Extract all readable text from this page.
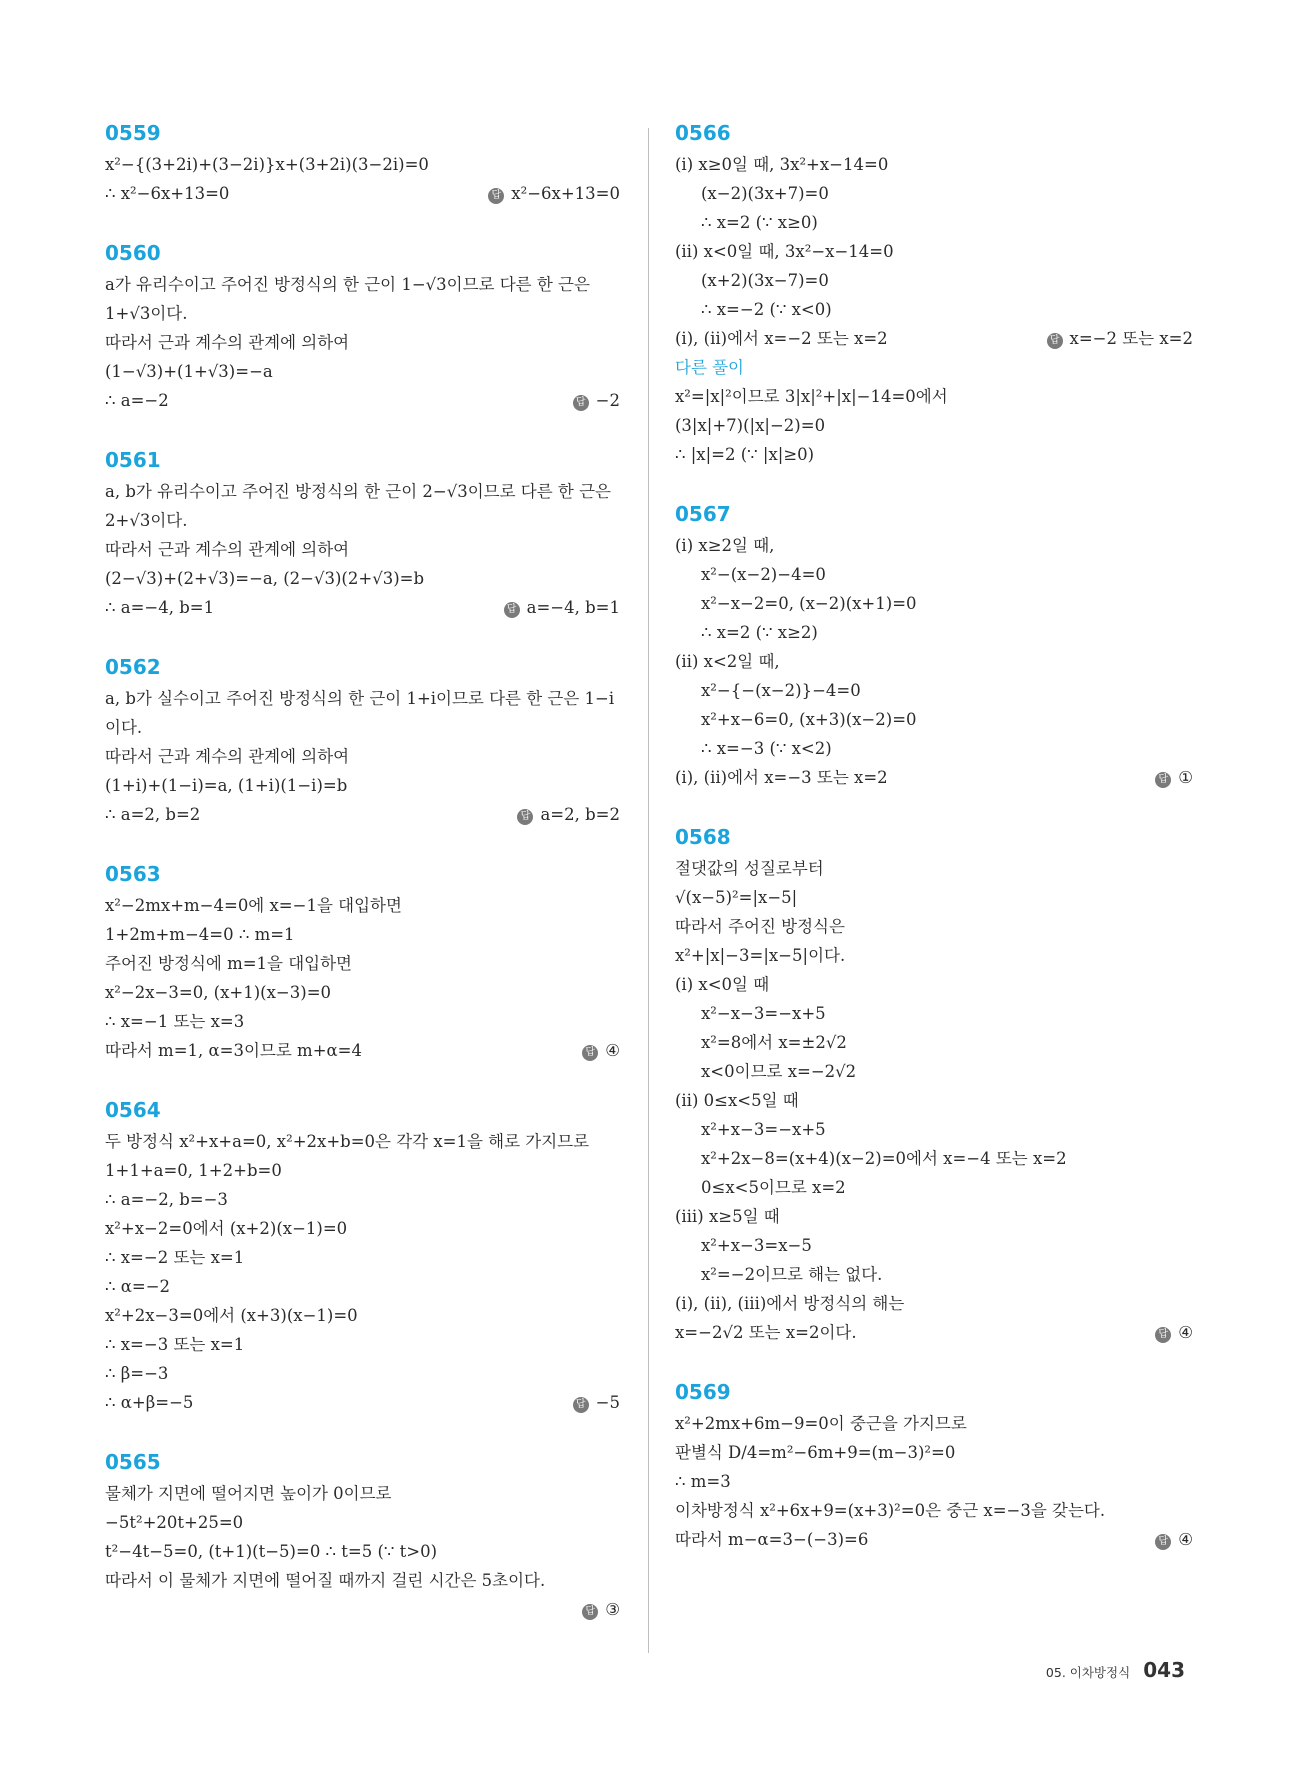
0559
x²−{(3+2i)+(3−2i)}x+(3+2i)(3−2i)=0
∴ x²−6x+13=0	답 x²−6x+13=0
0560
a가 유리수이고 주어진 방정식의 한 근이 1−√3이므로 다른 한 근은
1+√3이다.
따라서 근과 계수의 관계에 의하여
(1−√3)+(1+√3)=−a
∴ a=−2	답 −2
0561
a, b가 유리수이고 주어진 방정식의 한 근이 2−√3이므로 다른 한 근은
2+√3이다.
따라서 근과 계수의 관계에 의하여
(2−√3)+(2+√3)=−a, (2−√3)(2+√3)=b
∴ a=−4, b=1	답 a=−4, b=1
0562
a, b가 실수이고 주어진 방정식의 한 근이 1+i이므로 다른 한 근은 1−i
이다.
따라서 근과 계수의 관계에 의하여
(1+i)+(1−i)=a, (1+i)(1−i)=b
∴ a=2, b=2	답 a=2, b=2
0563
x²−2mx+m−4=0에 x=−1을 대입하면
1+2m+m−4=0 ∴ m=1
주어진 방정식에 m=1을 대입하면
x²−2x−3=0, (x+1)(x−3)=0
∴ x=−1 또는 x=3
따라서 m=1, α=3이므로 m+α=4	답 ④
0564
두 방정식 x²+x+a=0, x²+2x+b=0은 각각 x=1을 해로 가지므로
1+1+a=0, 1+2+b=0
∴ a=−2, b=−3
x²+x−2=0에서 (x+2)(x−1)=0
∴ x=−2 또는 x=1
∴ α=−2
x²+2x−3=0에서 (x+3)(x−1)=0
∴ x=−3 또는 x=1
∴ β=−3
∴ α+β=−5	답 −5
0565
물체가 지면에 떨어지면 높이가 0이므로
−5t²+20t+25=0
t²−4t−5=0, (t+1)(t−5)=0 ∴ t=5 (∵ t>0)
따라서 이 물체가 지면에 떨어질 때까지 걸린 시간은 5초이다.
답 ③
0566
(ⅰ) x≥0일 때, 3x²+x−14=0
(x−2)(3x+7)=0
∴ x=2 (∵ x≥0)
(ⅱ) x<0일 때, 3x²−x−14=0
(x+2)(3x−7)=0
∴ x=−2 (∵ x<0)
(ⅰ), (ⅱ)에서 x=−2 또는 x=2	답 x=−2 또는 x=2
다른 풀이
x²=|x|²이므로 3|x|²+|x|−14=0에서
(3|x|+7)(|x|−2)=0
∴ |x|=2 (∵ |x|≥0)
0567
(ⅰ) x≥2일 때,
x²−(x−2)−4=0
x²−x−2=0, (x−2)(x+1)=0
∴ x=2 (∵ x≥2)
(ⅱ) x<2일 때,
x²−{−(x−2)}−4=0
x²+x−6=0, (x+3)(x−2)=0
∴ x=−3 (∵ x<2)
(ⅰ), (ⅱ)에서 x=−3 또는 x=2	답 ①
0568
절댓값의 성질로부터
√(x−5)²=|x−5|
따라서 주어진 방정식은
x²+|x|−3=|x−5|이다.
(ⅰ) x<0일 때
x²−x−3=−x+5
x²=8에서 x=±2√2
x<0이므로 x=−2√2
(ⅱ) 0≤x<5일 때
x²+x−3=−x+5
x²+2x−8=(x+4)(x−2)=0에서 x=−4 또는 x=2
0≤x<5이므로 x=2
(ⅲ) x≥5일 때
x²+x−3=x−5
x²=−2이므로 해는 없다.
(ⅰ), (ⅱ), (ⅲ)에서 방정식의 해는
x=−2√2 또는 x=2이다.	답 ④
0569
x²+2mx+6m−9=0이 중근을 가지므로
판별식 D/4=m²−6m+9=(m−3)²=0
∴ m=3
이차방정식 x²+6x+9=(x+3)²=0은 중근 x=−3을 갖는다.
따라서 m−α=3−(−3)=6	답 ④
05. 이차방정식 043
